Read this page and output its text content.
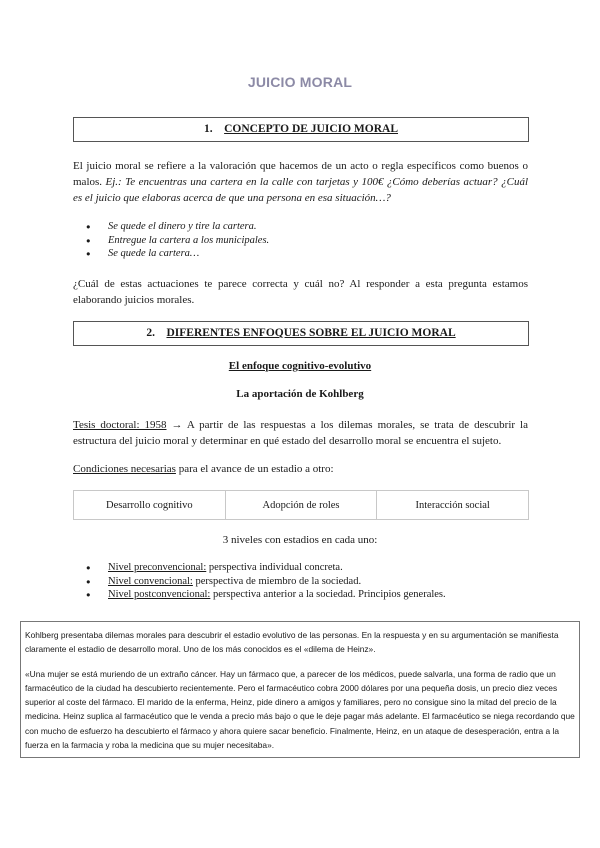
JUICIO MORAL
1. CONCEPTO DE JUICIO MORAL
El juicio moral se refiere a la valoración que hacemos de un acto o regla específicos como buenos o malos. Ej.: Te encuentras una cartera en la calle con tarjetas y 100€ ¿Cómo deberías actuar? ¿Cuál es el juicio que elaboras acerca de que una persona en esa situación…?
● Se quede el dinero y tire la cartera.
● Entregue la cartera a los municipales.
● Se quede la cartera…
¿Cuál de estas actuaciones te parece correcta y cuál no? Al responder a esta pregunta estamos elaborando juicios morales.
2. DIFERENTES ENFOQUES SOBRE EL JUICIO MORAL
El enfoque cognitivo-evolutivo
La aportación de Kohlberg
Tesis doctoral: 1958 → A partir de las respuestas a los dilemas morales, se trata de descubrir la estructura del juicio moral y determinar en qué estado del desarrollo moral se encuentra el sujeto.
Condiciones necesarias para el avance de un estadio a otro:
Desarrollo cognitivo	Adopción de roles	Interacción social
3 niveles con estadios en cada uno:
● Nivel preconvencional: perspectiva individual concreta.
● Nivel convencional: perspectiva de miembro de la sociedad.
● Nivel postconvencional: perspectiva anterior a la sociedad. Principios generales.

Kohlberg presentaba dilemas morales para descubrir el estadio evolutivo de las personas. En la respuesta y en su argumentación se manifiesta claramente el estadio de desarrollo moral. Uno de los más conocidos es el «dilema de Heinz».

«Una mujer se está muriendo de un extraño cáncer. Hay un fármaco que, a parecer de los médicos, puede salvarla, una forma de radio que un farmacéutico de la ciudad ha descubierto recientemente. Pero el farmacéutico cobra 2000 dólares por una pequeña dosis, un precio diez veces superior al coste del fármaco. El marido de la enferma, Heinz, pide dinero a amigos y familiares, pero no consigue sino la mitad del precio de la medicina. Heinz suplica al farmacéutico que le venda a precio más bajo o que le deje pagar más adelante. El farmacéutico se niega recordando que con mucho de esfuerzo ha descubierto el fármaco y ahora quiere sacar beneficio. Finalmente, Heinz, en un ataque de desesperación, entra a la fuerza en la farmacia y roba la medicina que su mujer necesitaba».
